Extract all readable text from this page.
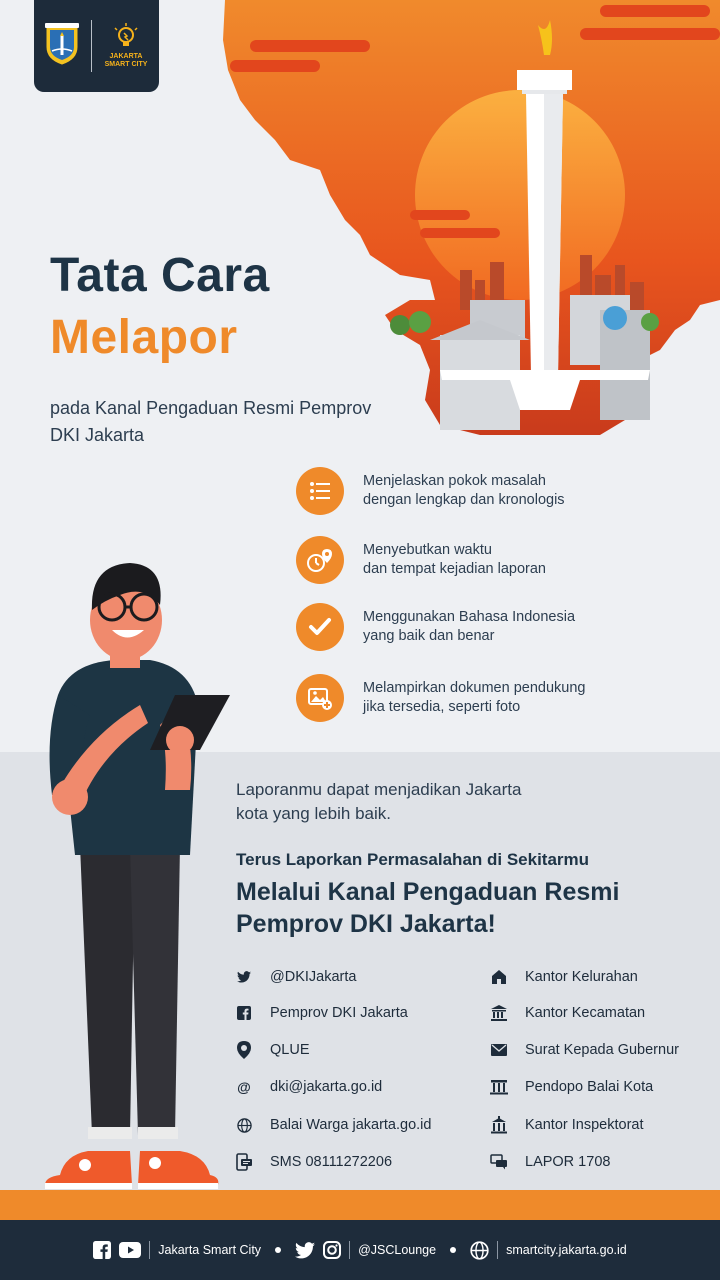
JAKARTA SMART CITY
Tata Cara
Melapor
pada Kanal Pengaduan Resmi Pemprov DKI Jakarta
Menjelaskan pokok masalah
dengan lengkap dan kronologis
Menyebutkan waktu
dan tempat kejadian laporan
Menggunakan Bahasa Indonesia
yang baik dan benar
Melampirkan dokumen pendukung
jika tersedia, seperti foto
Laporanmu dapat menjadikan Jakarta
kota yang lebih baik.
Terus Laporkan Permasalahan di Sekitarmu
Melalui Kanal Pengaduan Resmi
Pemprov DKI Jakarta!
@DKIJakarta
Pemprov DKI Jakarta
QLUE
@ dki@jakarta.go.id
Balai Warga jakarta.go.id
SMS 08111272206
Kantor Kelurahan
Kantor Kecamatan
Surat Kepada Gubernur
Pendopo Balai Kota
Kantor Inspektorat
LAPOR 1708
Jakarta Smart City	@JSCLounge	smartcity.jakarta.go.id
